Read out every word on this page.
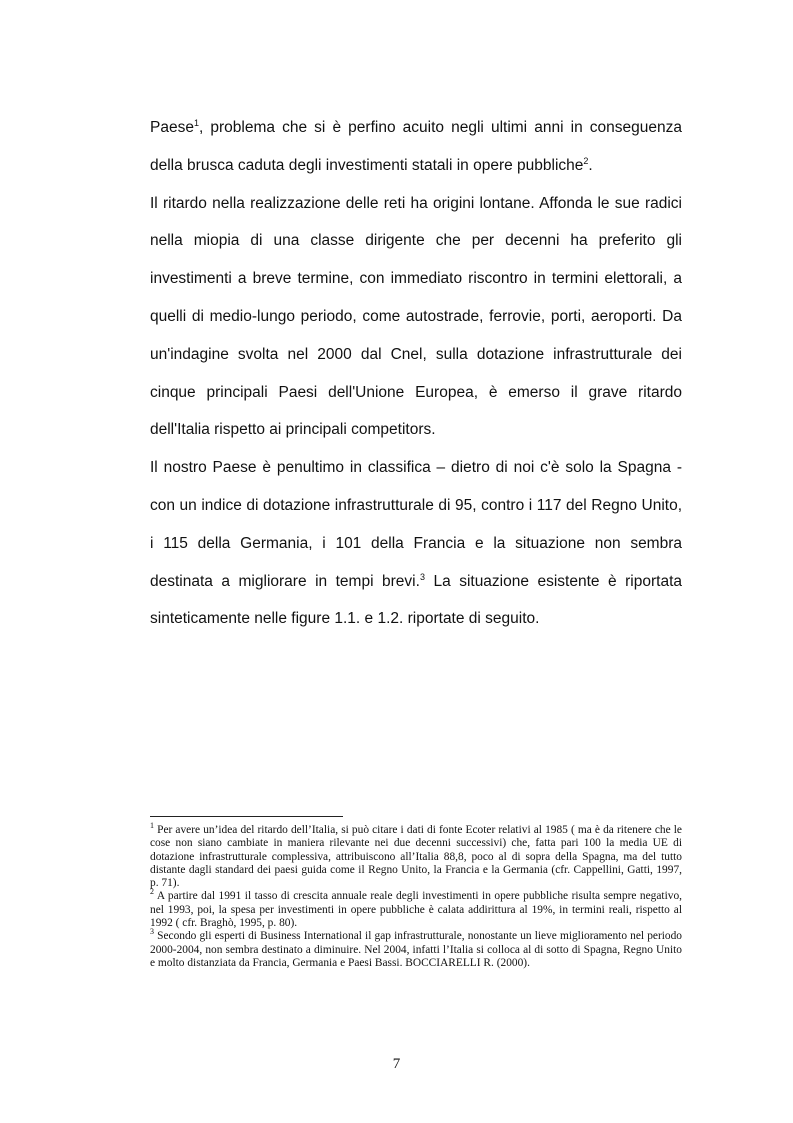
Paese$^1$, problema che si è perfino acuito negli ultimi anni in conseguenza della brusca caduta degli investimenti statali in opere pubbliche$^2$.

Il ritardo nella realizzazione delle reti ha origini lontane. Affonda le sue radici nella miopia di una classe dirigente che per decenni ha preferito gli investimenti a breve termine, con immediato riscontro in termini elettorali, a quelli di medio-lungo periodo, come autostrade, ferrovie, porti, aeroporti. Da un'indagine svolta nel 2000 dal Cnel, sulla dotazione infrastrutturale dei cinque principali Paesi dell'Unione Europea, è emerso il grave ritardo dell'Italia rispetto ai principali competitors.

Il nostro Paese è penultimo in classifica – dietro di noi c'è solo la Spagna - con un indice di dotazione infrastrutturale di 95, contro i 117 del Regno Unito, i 115 della Germania, i 101 della Francia e la situazione non sembra destinata a migliorare in tempi brevi.$^3$ La situazione esistente è riportata sinteticamente nelle figure 1.1. e 1.2. riportate di seguito.

$^1$ Per avere un’idea del ritardo dell’Italia, si può citare i dati di fonte Ecoter relativi al 1985 ( ma è da ritenere che le cose non siano cambiate in maniera rilevante nei due decenni successivi) che, fatta pari 100 la media UE di dotazione infrastrutturale complessiva, attribuiscono all’Italia 88,8, poco al di sopra della Spagna, ma del tutto distante dagli standard dei paesi guida come il Regno Unito, la Francia e la Germania (cfr. Cappellini, Gatti, 1997, p. 71).

$^2$ A partire dal 1991 il tasso di crescita annuale reale degli investimenti in opere pubbliche risulta sempre negativo, nel 1993, poi, la spesa per investimenti in opere pubbliche è calata addirittura al 19%, in termini reali, rispetto al 1992 ( cfr. Braghò, 1995, p. 80).

$^3$ Secondo gli esperti di Business International il gap infrastrutturale, nonostante un lieve miglioramento nel periodo 2000-2004, non sembra destinato a diminuire. Nel 2004, infatti l’Italia si colloca al di sotto di Spagna, Regno Unito e molto distanziata da Francia, Germania e Paesi Bassi. BOCCIARELLI R. (2000).

7
